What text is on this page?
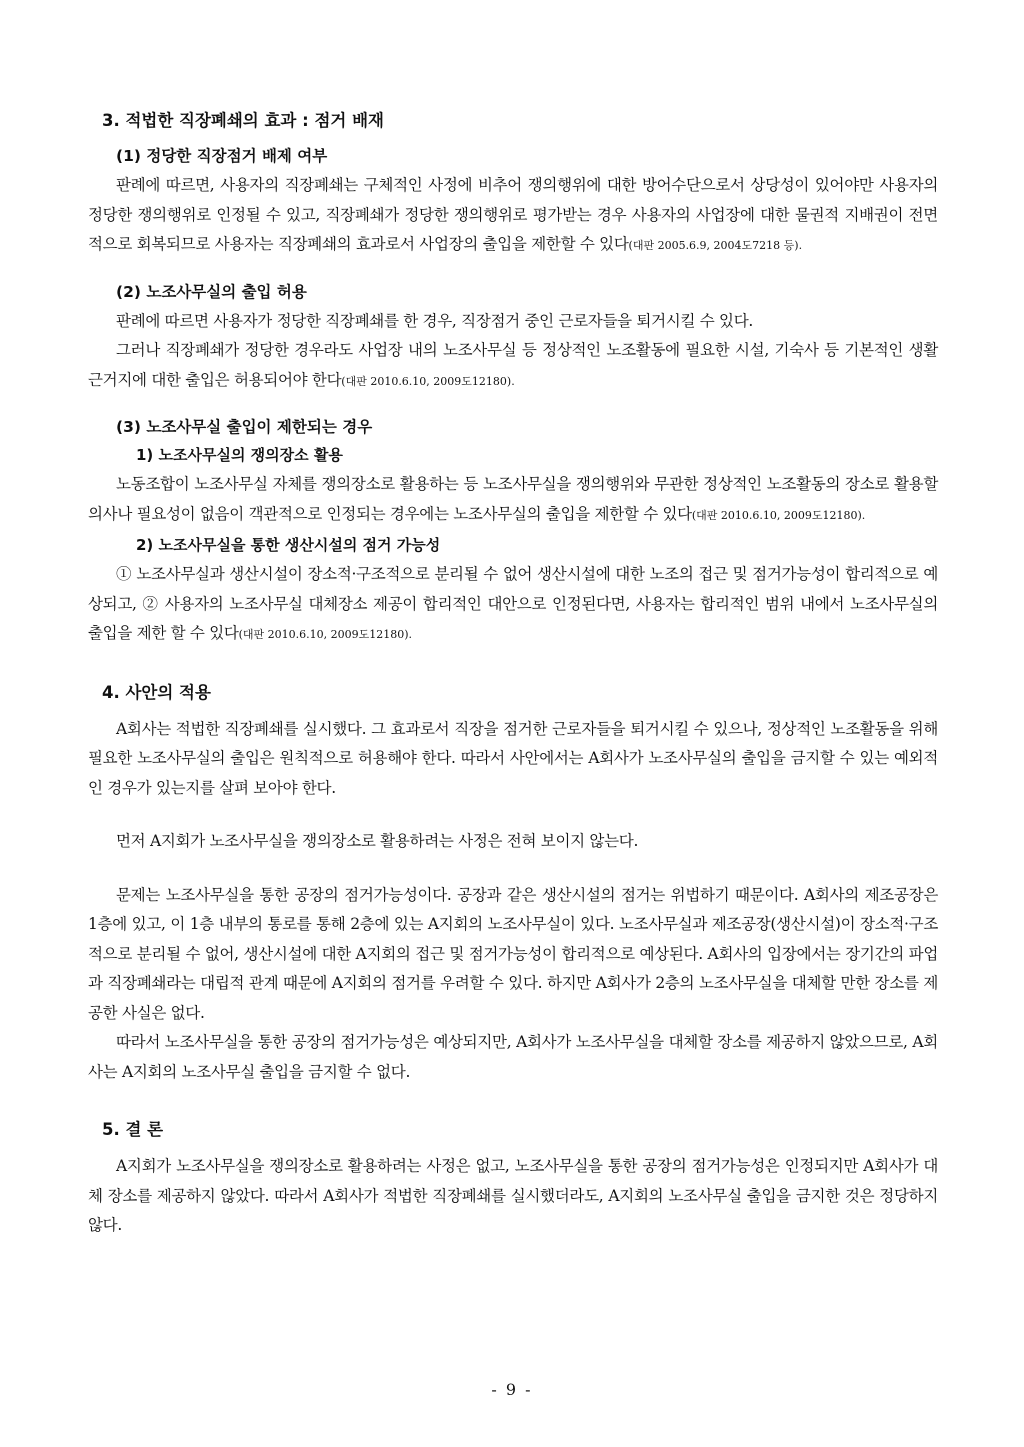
3. 적법한 직장폐쇄의 효과 : 점거 배재
(1) 정당한 직장점거 배제 여부

판례에 따르면, 사용자의 직장폐쇄는 구체적인 사정에 비추어 쟁의행위에 대한 방어수단으로서 상당성이 있어야만 사용자의 정당한 쟁의행위로 인정될 수 있고, 직장폐쇄가 정당한 쟁의행위로 평가받는 경우 사용자의 사업장에 대한 물권적 지배권이 전면적으로 회복되므로 사용자는 직장폐쇄의 효과로서 사업장의 출입을 제한할 수 있다(대판 2005.6.9, 2004도7218 등).

(2) 노조사무실의 출입 허용

판례에 따르면 사용자가 정당한 직장폐쇄를 한 경우, 직장점거 중인 근로자들을 퇴거시킬 수 있다.

그러나 직장폐쇄가 정당한 경우라도 사업장 내의 노조사무실 등 정상적인 노조활동에 필요한 시설, 기숙사 등 기본적인 생활근거지에 대한 출입은 허용되어야 한다(대판 2010.6.10, 2009도12180).

(3) 노조사무실 출입이 제한되는 경우
1) 노조사무실의 쟁의장소 활용

노동조합이 노조사무실 자체를 쟁의장소로 활용하는 등 노조사무실을 쟁의행위와 무관한 정상적인 노조활동의 장소로 활용할 의사나 필요성이 없음이 객관적으로 인정되는 경우에는 노조사무실의 출입을 제한할 수 있다(대판 2010.6.10, 2009도12180).

2) 노조사무실을 통한 생산시설의 점거 가능성

① 노조사무실과 생산시설이 장소적·구조적으로 분리될 수 없어 생산시설에 대한 노조의 접근 및 점거가능성이 합리적으로 예상되고, ② 사용자의 노조사무실 대체장소 제공이 합리적인 대안으로 인정된다면, 사용자는 합리적인 범위 내에서 노조사무실의 출입을 제한 할 수 있다(대판 2010.6.10, 2009도12180).

4. 사안의 적용

A회사는 적법한 직장폐쇄를 실시했다. 그 효과로서 직장을 점거한 근로자들을 퇴거시킬 수 있으나, 정상적인 노조활동을 위해 필요한 노조사무실의 출입은 원칙적으로 허용해야 한다. 따라서 사안에서는 A회사가 노조사무실의 출입을 금지할 수 있는 예외적인 경우가 있는지를 살펴 보아야 한다.

먼저 A지회가 노조사무실을 쟁의장소로 활용하려는 사정은 전혀 보이지 않는다.

문제는 노조사무실을 통한 공장의 점거가능성이다. 공장과 같은 생산시설의 점거는 위법하기 때문이다. A회사의 제조공장은 1층에 있고, 이 1층 내부의 통로를 통해 2층에 있는 A지회의 노조사무실이 있다. 노조사무실과 제조공장(생산시설)이 장소적·구조적으로 분리될 수 없어, 생산시설에 대한 A지회의 접근 및 점거가능성이 합리적으로 예상된다. A회사의 입장에서는 장기간의 파업과 직장폐쇄라는 대립적 관계 때문에 A지회의 점거를 우려할 수 있다. 하지만 A회사가 2층의 노조사무실을 대체할 만한 장소를 제공한 사실은 없다.

따라서 노조사무실을 통한 공장의 점거가능성은 예상되지만, A회사가 노조사무실을 대체할 장소를 제공하지 않았으므로, A회사는 A지회의 노조사무실 출입을 금지할 수 없다.

5. 결 론

A지회가 노조사무실을 쟁의장소로 활용하려는 사정은 없고, 노조사무실을 통한 공장의 점거가능성은 인정되지만 A회사가 대체 장소를 제공하지 않았다. 따라서 A회사가 적법한 직장폐쇄를 실시했더라도, A지회의 노조사무실 출입을 금지한 것은 정당하지 않다.

- 9 -
